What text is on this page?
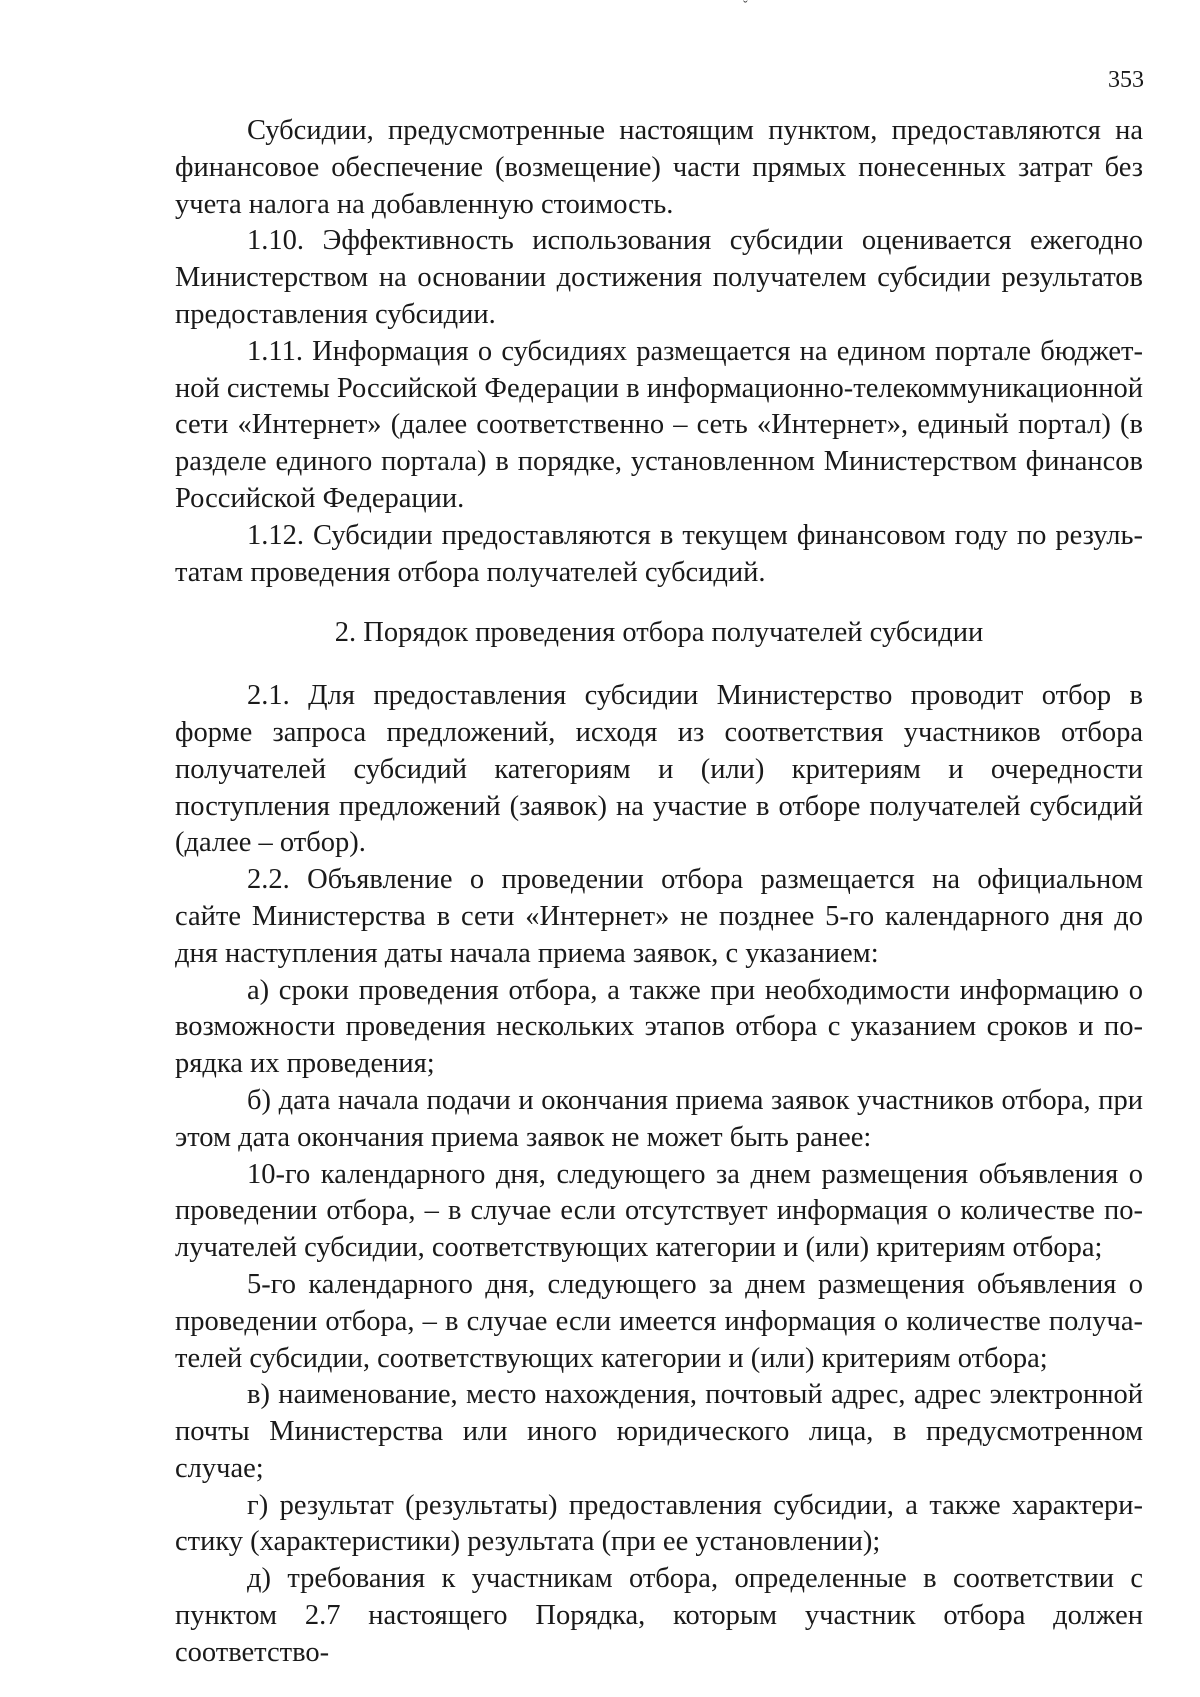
ˇ
353

Субсидии, предусмотренные настоящим пунктом, предоставляются на финансовое обеспечение (возмещение) части прямых понесенных затрат без учета налога на добавленную стоимость.

1.10. Эффективность использования субсидии оценивается ежегодно Министерством на основании достижения получателем субсидии результатов предоставления субсидии.

1.11. Информация о субсидиях размещается на едином портале бюджетной системы Российской Федерации в информационно-телекоммуникационной сети «Интернет» (далее соответственно – сеть «Интернет», единый портал) (в разделе единого портала) в порядке, установленном Министерством финансов Российской Федерации.

1.12. Субсидии предоставляются в текущем финансовом году по результатам проведения отбора получателей субсидий.

2. Порядок проведения отбора получателей субсидии

2.1. Для предоставления субсидии Министерство проводит отбор в форме запроса предложений, исходя из соответствия участников отбора получателей субсидий категориям и (или) критериям и очередности поступления предложений (заявок) на участие в отборе получателей субсидий (далее – отбор).

2.2. Объявление о проведении отбора размещается на официальном сайте Министерства в сети «Интернет» не позднее 5-го календарного дня до дня наступления даты начала приема заявок, с указанием:

а) сроки проведения отбора, а также при необходимости информацию о возможности проведения нескольких этапов отбора с указанием сроков и порядка их проведения;

б) дата начала подачи и окончания приема заявок участников отбора, при этом дата окончания приема заявок не может быть ранее:

10-го календарного дня, следующего за днем размещения объявления о проведении отбора, – в случае если отсутствует информация о количестве получателей субсидии, соответствующих категории и (или) критериям отбора;

5-го календарного дня, следующего за днем размещения объявления о проведении отбора, – в случае если имеется информация о количестве получателей субсидии, соответствующих категории и (или) критериям отбора;

в) наименование, место нахождения, почтовый адрес, адрес электронной почты Министерства или иного юридического лица, в предусмотренном случае;

г) результат (результаты) предоставления субсидии, а также характеристику (характеристики) результата (при ее установлении);

д) требования к участникам отбора, определенные в соответствии с пунктом 2.7 настоящего Порядка, которым участник отбора должен соответство-
